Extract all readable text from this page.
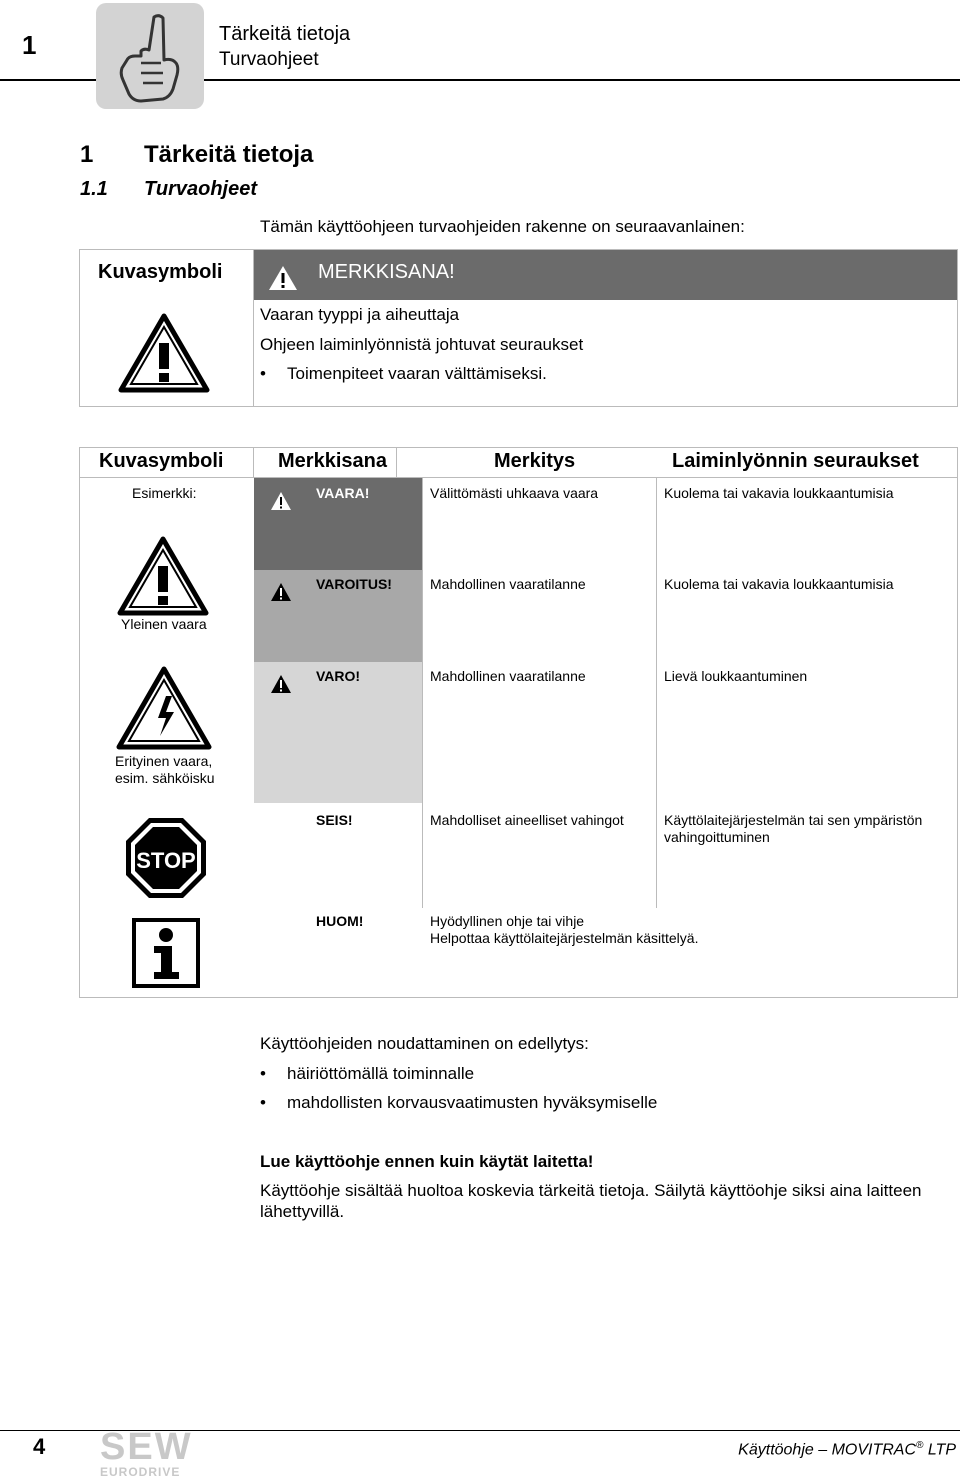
1	Tärkeitä tietoja
Turvaohjeet
1 Tärkeitä tietoja
1.1 Turvaohjeet
Tämän käyttöohjeen turvaohjeiden rakenne on seuraavanlainen:
Kuvasymboli	MERKKISANA!
Vaaran tyyppi ja aiheuttaja
Ohjeen laiminlyönnistä johtuvat seuraukset
• Toimenpiteet vaaran välttämiseksi.
Kuvasymboli	Merkkisana	Merkitys	Laiminlyönnin seuraukset
Esimerkki:	VAARA!	Välittömästi uhkaava vaara	Kuolema tai vakavia loukkaantumisia
Yleinen vaara
VAROITUS!	Mahdollinen vaaratilanne	Kuolema tai vakavia loukkaantumisia
VARO!	Mahdollinen vaaratilanne	Lievä loukkaantuminen
Erityinen vaara,
esim. sähköisku
STOP
SEIS!	Mahdolliset aineelliset vahingot	Käyttölaitejärjestelmän tai sen ympäristön
vahingoittuminen
HUOM!	Hyödyllinen ohje tai vihje
Helpottaa käyttölaitejärjestelmän käsittelyä.
Käyttöohjeiden noudattaminen on edellytys:
• häiriöttömällä toiminnalle
• mahdollisten korvausvaatimusten hyväksymiselle
Lue käyttöohje ennen kuin käytät laitetta!
Käyttöohje sisältää huoltoa koskevia tärkeitä tietoja. Säilytä käyttöohje siksi aina laitteen
lähettyvillä.
4 SEW
EURODRIVE
Käyttöohje – MOVITRAC® LTP
